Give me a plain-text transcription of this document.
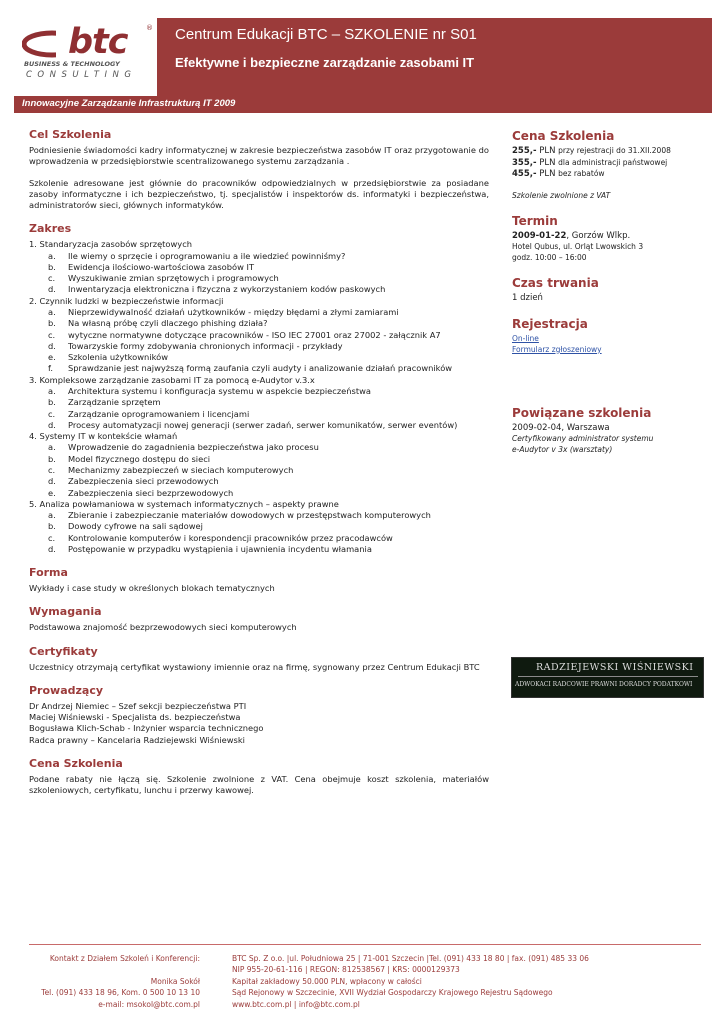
btc	®
BUSINESS & TECHNOLOGY
CONSULTING
Centrum Edukacji BTC – SZKOLENIE nr S01
Efektywne i bezpieczne zarządzanie zasobami IT
Innowacyjne Zarządzanie Infrastrukturą IT 2009
Cel Szkolenia
Podniesienie świadomości kadry informatycznej w zakresie bezpieczeństwa zasobów IT oraz przygotowanie do wprowadzenia w przedsiębiorstwie scentralizowanego systemu zarządzania .
Szkolenie adresowane jest głównie do pracowników odpowiedzialnych w przedsiębiorstwie za posiadane zasoby informatyczne i ich bezpieczeństwo, tj. specjalistów i inspektorów ds. informatyki i bezpieczeństwa, administratorów sieci, głównych informatyków.
Zakres
1. Standaryzacja zasobów sprzętowych
a.	Ile wiemy o sprzęcie i oprogramowaniu a ile wiedzieć powinniśmy?
b.	Ewidencja ilościowo-wartościowa zasobów IT
c.	Wyszukiwanie zmian sprzętowych i programowych
d.	Inwentaryzacja elektroniczna i fizyczna z wykorzystaniem kodów paskowych
2. Czynnik ludzki w bezpieczeństwie informacji
a.	Nieprzewidywalność działań użytkowników - między błędami a złymi zamiarami
b.	Na własną próbę czyli dlaczego phishing działa?
c.	wytyczne normatywne dotyczące pracowników - ISO IEC 27001 oraz 27002 - załącznik A7
d.	Towarzyskie formy zdobywania chronionych informacji - przykłady
e.	Szkolenia użytkowników
f.	Sprawdzanie jest najwyższą formą zaufania czyli audyty i analizowanie działań pracowników
3. Kompleksowe zarządzanie zasobami IT za pomocą e-Audytor v.3.x
a.	Architektura systemu i konfiguracja systemu w aspekcie bezpieczeństwa
b.	Zarządzanie sprzętem
c.	Zarządzanie oprogramowaniem i licencjami
d.	Procesy automatyzacji nowej generacji (serwer zadań, serwer komunikatów, serwer eventów)
4. Systemy IT w kontekście włamań
a.	Wprowadzenie do zagadnienia bezpieczeństwa jako procesu
b.	Model fizycznego dostępu do sieci
c.	Mechanizmy zabezpieczeń w sieciach komputerowych
d.	Zabezpieczenia sieci przewodowych
e.	Zabezpieczenia sieci bezprzewodowych
5. Analiza powłamaniowa w systemach informatycznych – aspekty prawne
a.	Zbieranie i zabezpieczanie materiałów dowodowych w przestępstwach komputerowych
b.	Dowody cyfrowe na sali sądowej
c.	Kontrolowanie komputerów i korespondencji pracowników przez pracodawców
d.	Postępowanie w przypadku wystąpienia i ujawnienia incydentu włamania
Forma
Wykłady i case study w określonych blokach tematycznych
Wymagania
Podstawowa znajomość bezprzewodowych sieci komputerowych
Certyfikaty
Uczestnicy otrzymają certyfikat wystawiony imiennie oraz na firmę, sygnowany przez Centrum Edukacji BTC
Prowadzący
Dr Andrzej Niemiec – Szef sekcji bezpieczeństwa PTI
Maciej Wiśniewski - Specjalista ds. bezpieczeństwa
Bogusława Klich-Schab - Inżynier wsparcia technicznego
Radca prawny – Kancelaria Radziejewski Wiśniewski
Cena Szkolenia
Podane rabaty nie łączą się. Szkolenie zwolnione z VAT. Cena obejmuje koszt szkolenia, materiałów szkoleniowych, certyfikatu, lunchu i przerwy kawowej.
Cena Szkolenia
255,- PLN przy rejestracji do 31.XII.2008
355,- PLN dla administracji państwowej
455,- PLN bez rabatów
Szkolenie zwolnione z VAT
Termin
2009-01-22, Gorzów Wlkp.
Hotel Qubus, ul. Orląt Lwowskich 3
godz. 10:00 – 16:00
Czas trwania
1 dzień
Rejestracja
On-line
Formularz zgłoszeniowy
Powiązane szkolenia
2009-02-04, Warszawa
Certyfikowany administrator systemu
e-Audytor v 3x (warsztaty)
RADZIEJEWSKI WIŚNIEWSKI
ADWOKACI RADCOWIE PRAWNI DORADCY PODATKOWI
Kontakt z Działem Szkoleń i Konferencji:

Monika Sokół
Tel. (091) 433 18 96, Kom. 0 500 10 13 10
e-mail: msokol@btc.com.pl
BTC Sp. Z o.o. |ul. Południowa 25 | 71-001 Szczecin |Tel. (091) 433 18 80 | fax. (091) 485 33 06
NIP 955-20-61-116 | REGON: 812538567 | KRS: 0000129373
Kapitał zakładowy 50.000 PLN, wpłacony w całości
Sąd Rejonowy w Szczecinie, XVII Wydział Gospodarczy Krajowego Rejestru Sądowego
www.btc.com.pl | info@btc.com.pl
